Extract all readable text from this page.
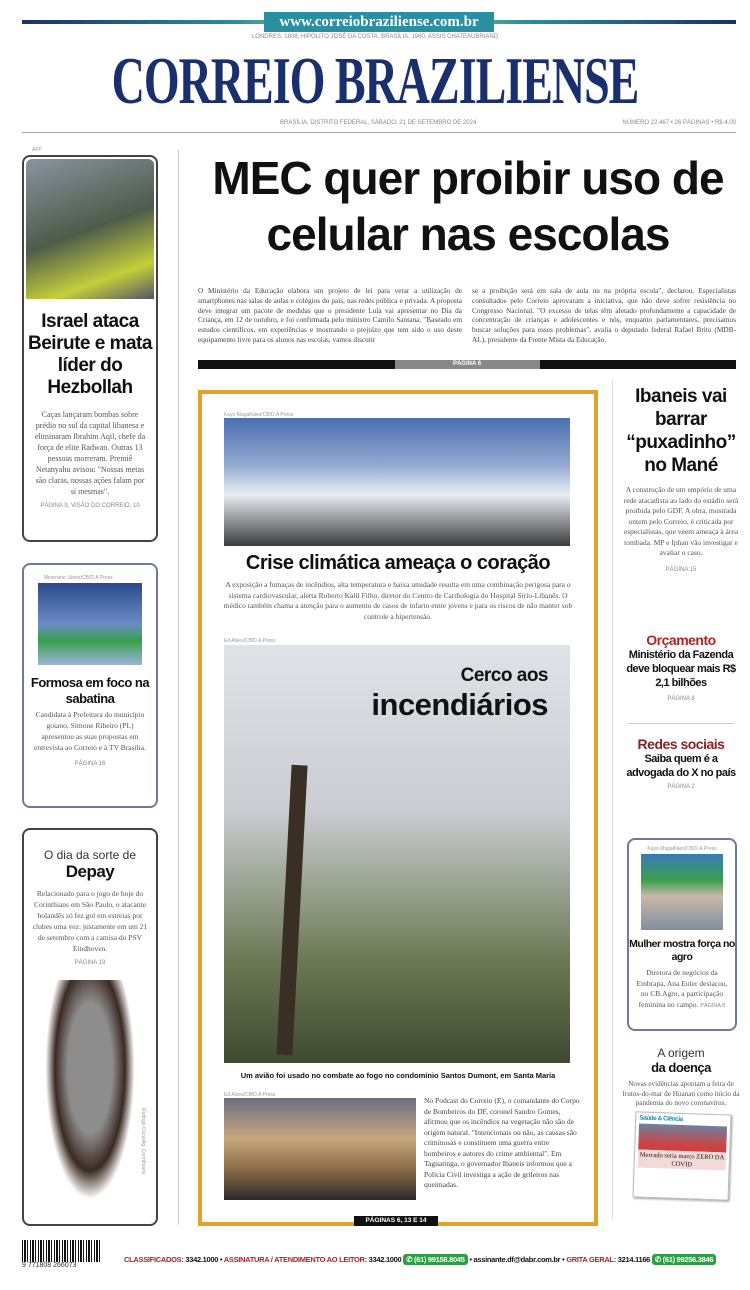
www.correiobraziliense.com.br
LONDRES, 1808, HIPÓLITO JOSÉ DA COSTA. BRASÍLIA, 1960, ASSIS CHATEAUBRIAND
CORREIO BRAZILIENSE
BRASÍLIA, DISTRITO FEDERAL, SÁBADO, 21 DE SETEMBRO DE 2024	NÚMERO 22.467 • 26 PÁGINAS • R$ 4,00
AFP
Israel ataca Beirute e mata líder do Hezbollah
Caças lançaram bombas sobre prédio no sul da capital libanesa e eliminaram Ibrahim Aqil, chefe da força de elite Radwan. Outras 13 pessoas morreram. Premiê Netanyahu avisou: "Nossas metas são claras, nossas ações falam por si mesmas".
PÁGINA 9, VISÃO DO CORREIO, 10
Minervino Júnior/CB/D.A Press
Formosa em foco na sabatina
Candidata à Prefeitura do município goiano, Simone Ribeiro (PL) apresentou as suas propostas em entrevista ao Correio e à TV Brasília.
PÁGINA 16
O dia da sorte de
Depay
Relacionado para o jogo de hoje do Corinthians em São Paulo, o atacante holandês só fez gol em estreias por clubes uma vez: justamente em um 21 de setembro com a camisa do PSV Eindhoven.
PÁGINA 19
Rodrigo Coca/Ag. Corinthians
MEC quer proibir uso de celular nas escolas

O Ministério da Educação elabora um projeto de lei para vetar a utilização de smartphones nas salas de aulas e colégios do país, nas redes pública e privada. A proposta deve integrar um pacote de medidas que o presidente Lula vai apresentar no Dia da Criança, em 12 de outubro, e foi confirmada pelo ministro Camilo Santana. "Baseado em estudos científicos, em experiências e mostrando o prejuízo que tem sido o uso deste equipamento livre para os alunos nas escolas, vamos discutir

se a proibição será em sala de aula ou na própria escola", declarou. Especialistas consultados pelo Correio aprovaram a iniciativa, que não deve sofrer resistência no Congresso Nacional. "O excesso de telas têm afetado profundamente a capacidade de concentração de crianças e adolescentes e nós, enquanto parlamentares, precisamos buscar soluções para esses problemas", avalia o deputado federal Rafael Brito (MDB-AL), presidente da Frente Mista da Educação.

PÁGINA 6
Kayo Magalhães/CB/D.A Press
Crise climática ameaça o coração
A exposição a fumaças de incêndios, alta temperatura e baixa umidade resulta em uma combinação perigosa para o sistema cardiovascular, alerta Roberto Kalil Filho, diretor do Centro de Cardiologia do Hospital Sírio-Libanês. O médico também chama a atenção para o aumento de casos de infarto entre jovens e para os riscos de não manter sob controle a hipertensão.
Ed Alves/CB/D.A Press
Cerco aos
incendiários
Um avião foi usado no combate ao fogo no condomínio Santos Dumont, em Santa Maria
Ed Alves/CB/D.A Press
No Podcast do Correio (E), o comandante do Corpo de Bombeiros do DF, coronel Sandro Gomes, afirmou que os incêndios na vegetação não são de origem natural. "Intencionais ou não, as causas são criminosas e constituem uma guerra entre bombeiros e autores do crime ambiental". Em Taguatinga, o governador Ibaneis informou que a Polícia Civil investiga a ação de grileiros nas queimadas.
PÁGINAS 6, 13 E 14
Ibaneis vai barrar “puxadinho” no Mané
A construção de um empório de uma rede atacadista ao lado do estádio será proibida pelo GDF. A obra, mostrada ontem pelo Correio, é criticada por especialistas, que veem ameaça à área tombada. MP e Iphan vão investigar e avaliar o caso.
PÁGINA 15
Orçamento
Ministério da Fazenda deve bloquear mais R$ 2,1 bilhões
PÁGINA 8
Redes sociais
Saiba quem é a advogada do X no país
PÁGINA 2
Kayo Magalhães/CB/D.A Press
Mulher mostra força no agro
Diretora de negócios da Embrapa, Ana Euler destacou, no CB.Agro, a participação feminina no campo. PÁGINA 8
A origem
da doença
Novas evidências apontam a feira de frutos-do-mar de Huanan como início da pandemia do novo coronavírus.
Saúde & Ciência
Mercado seria marco ZERO DA COVID
9 771808 266073
CLASSIFICADOS: 3342.1000 • ASSINATURA / ATENDIMENTO AO LEITOR: 3342.1000 ✆ (61) 99158.8045 • assinante.df@dabr.com.br • GRITA GERAL: 3214.1166 ✆ (61) 99256.3846
